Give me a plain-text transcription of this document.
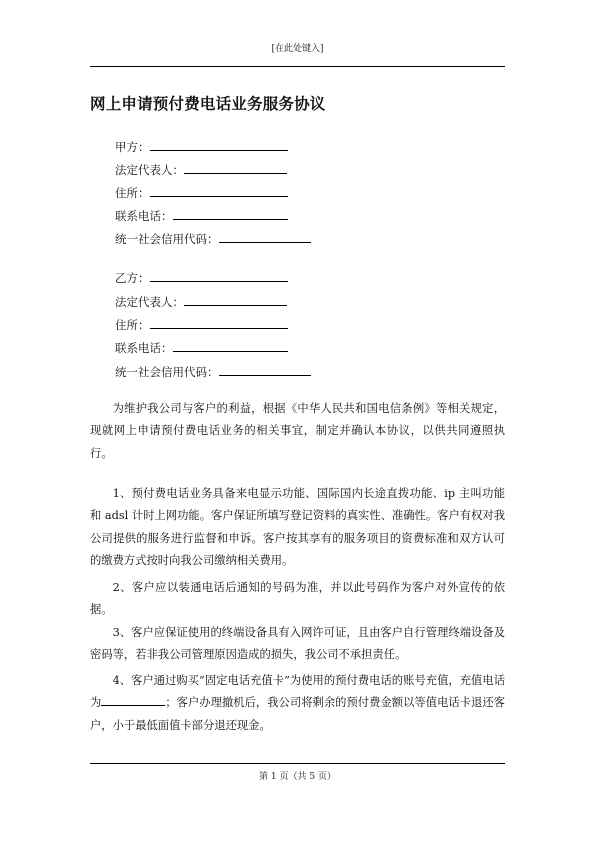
[在此处键入]
网上申请预付费电话业务服务协议
甲方：
法定代表人：
住所：
联系电话：
统一社会信用代码：
乙方：
法定代表人：
住所：
联系电话：
统一社会信用代码：
为维护我公司与客户的利益，根据《中华人民共和国电信条例》等相关规定，现就网上申请预付费电话业务的相关事宜，制定并确认本协议，以供共同遵照执行。
1、预付费电话业务具备来电显示功能、国际国内长途直拨功能、ip 主叫功能和 adsl 计时上网功能。客户保证所填写登记资料的真实性、准确性。客户有权对我公司提供的服务进行监督和申诉。客户按其享有的服务项目的资费标准和双方认可的缴费方式按时向我公司缴纳相关费用。
2、客户应以装通电话后通知的号码为准，并以此号码作为客户对外宣传的依据。
3、客户应保证使用的终端设备具有入网许可证，且由客户自行管理终端设备及密码等，若非我公司管理原因造成的损失，我公司不承担责任。
4、客户通过购买“固定电话充值卡”为使用的预付费电话的账号充值，充值电话为	；客户办理撤机后，我公司将剩余的预付费金额以等值电话卡退还客户，小于最低面值卡部分退还现金。
第 1 页（共 5 页）
